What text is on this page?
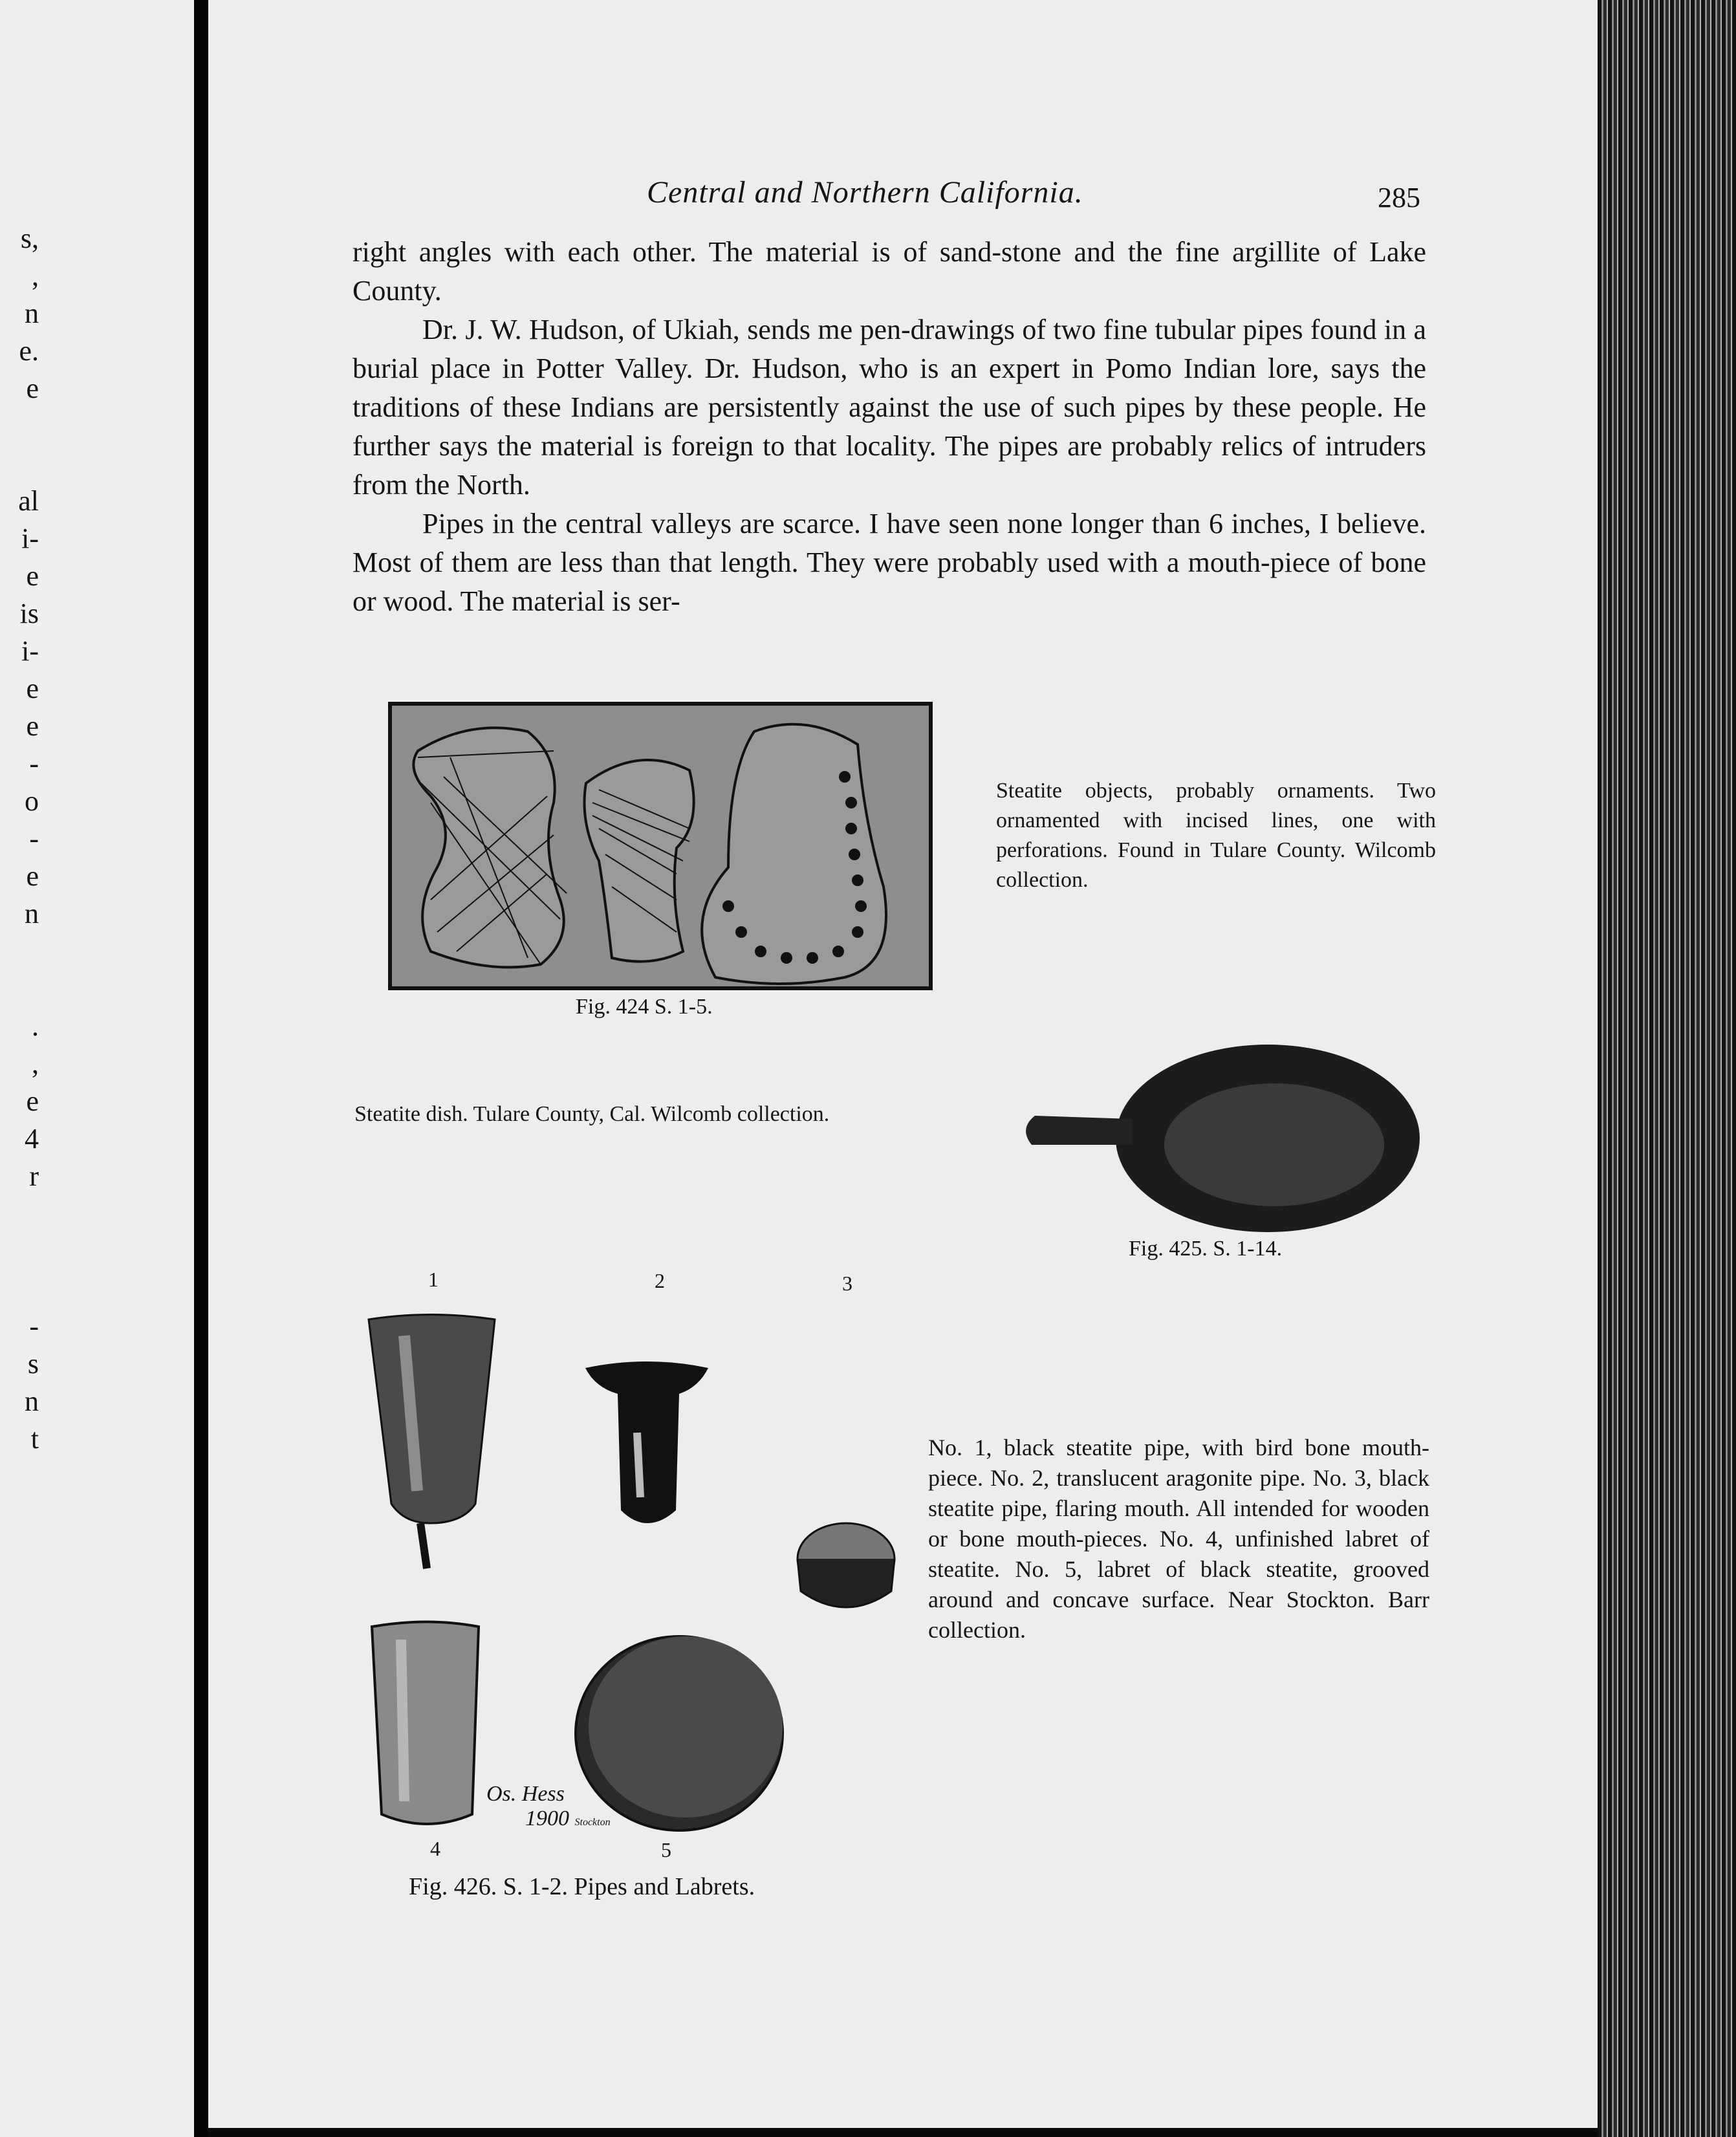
s,
,
n
e.
e
al
i-
e
is
i-
e
e
-
o
-
e
n
.
,
e
4
r
-
s
n
t
Central and Northern California.	285

right angles with each other. The material is of sand-stone and the fine argillite of Lake County.

Dr. J. W. Hudson, of Ukiah, sends me pen-drawings of two fine tubular pipes found in a burial place in Potter Valley. Dr. Hudson, who is an expert in Pomo Indian lore, says the traditions of these Indians are persistently against the use of such pipes by these people. He further says the material is foreign to that locality. The pipes are probably relics of intruders from the North.

Pipes in the central valleys are scarce. I have seen none longer than 6 inches, I believe. Most of them are less than that length. They were probably used with a mouth-piece of bone or wood. The material is ser-

Fig. 424 S. 1-5.
Steatite objects, probably ornaments. Two ornamented with incised lines, one with perforations. Found in Tulare County. Wilcomb collection.
Steatite dish. Tulare County, Cal. Wilcomb collection.
Fig. 425. S. 1-14.
1	2	3
4	5
Os. Hess
1900 Stockton
Fig. 426. S. 1-2. Pipes and Labrets.
No. 1, black steatite pipe, with bird bone mouth-piece. No. 2, translucent aragonite pipe. No. 3, black steatite pipe, flaring mouth. All intended for wooden or bone mouth-pieces. No. 4, unfinished labret of steatite. No. 5, labret of black steatite, grooved around and concave surface. Near Stockton. Barr collection.
